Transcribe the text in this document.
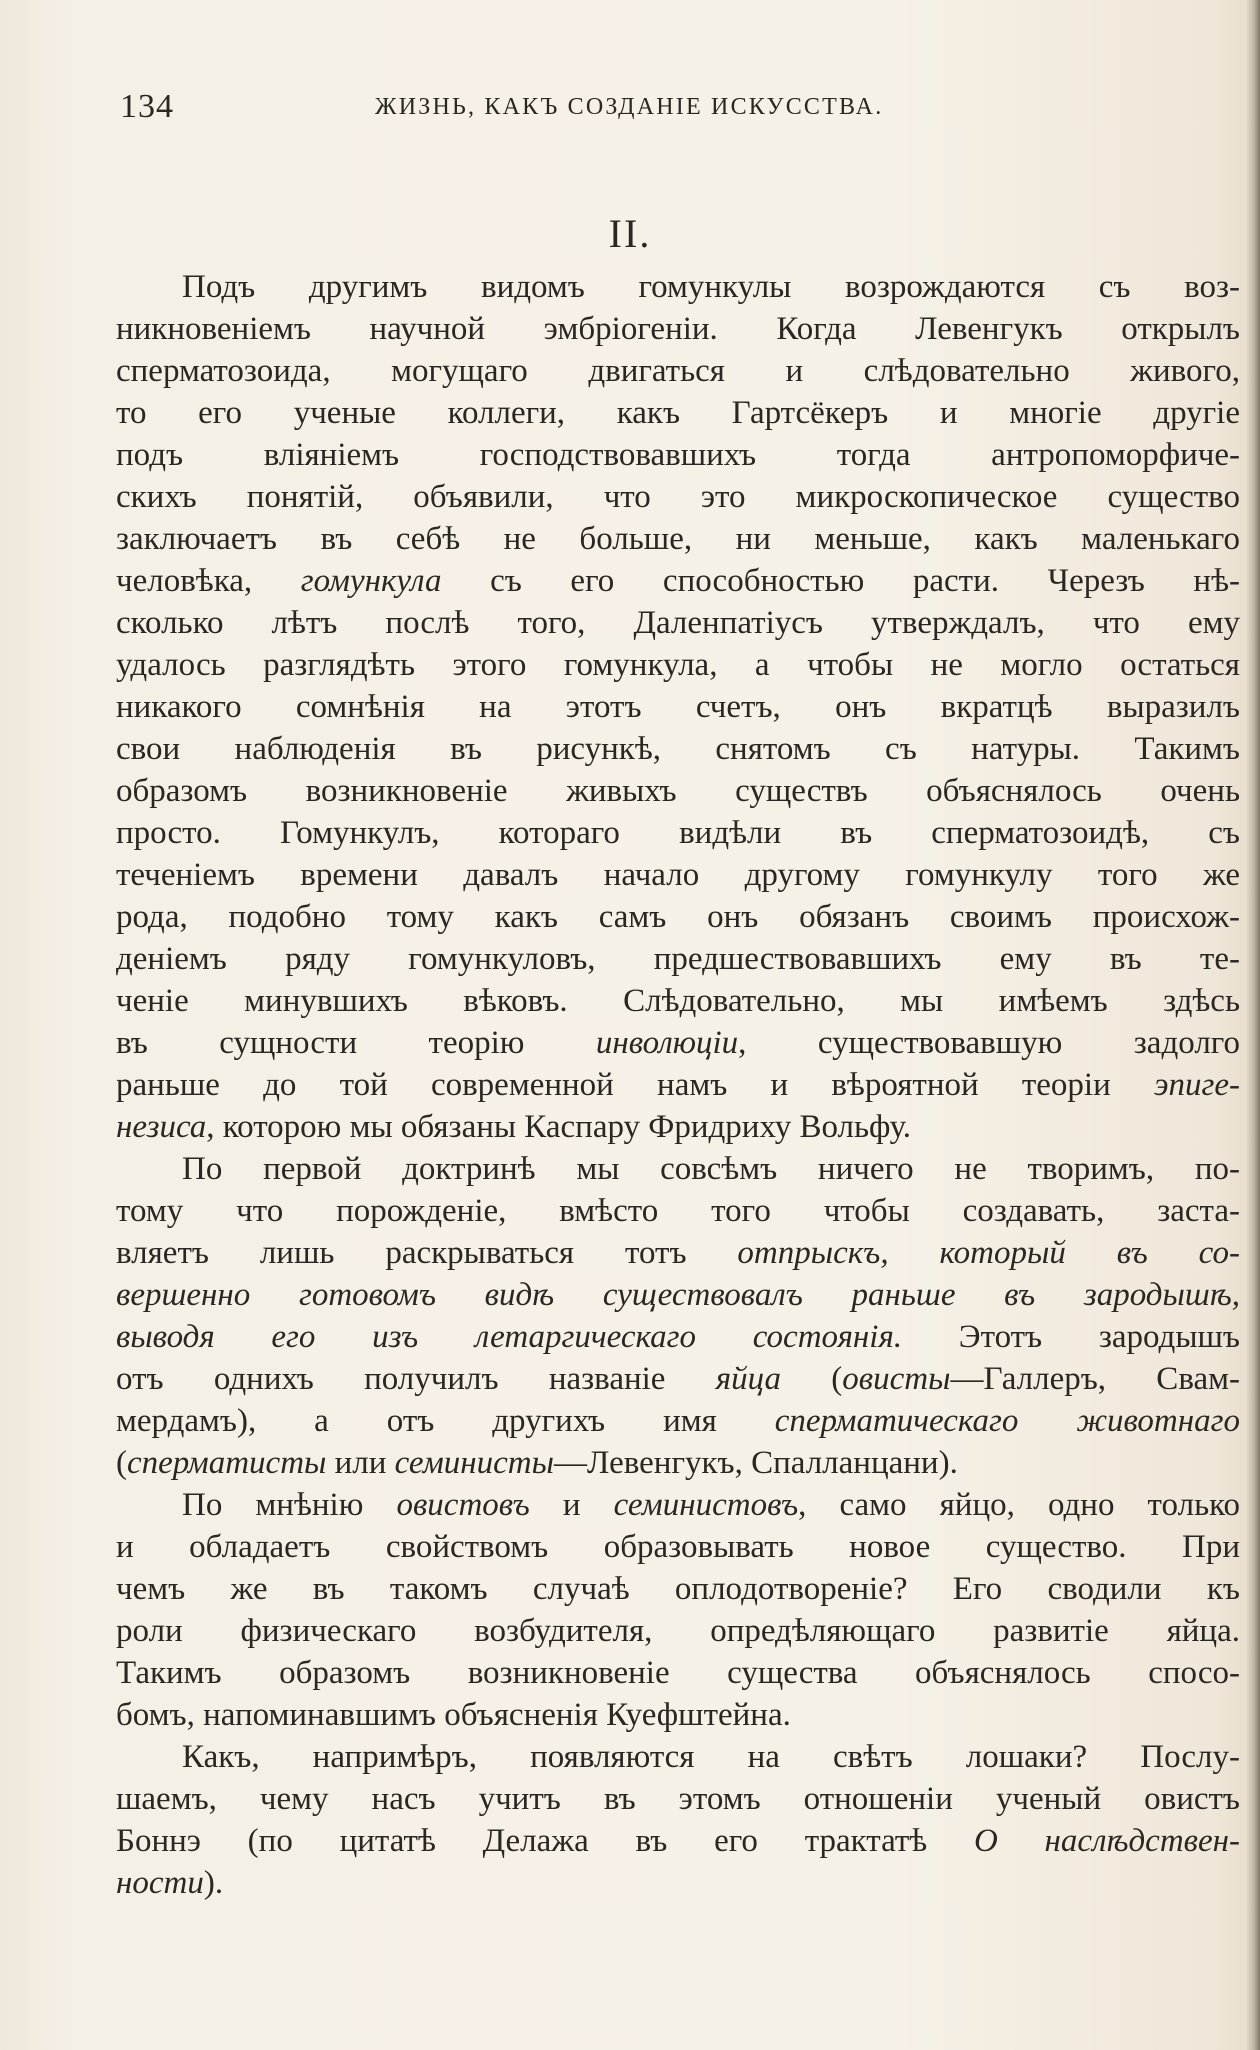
134	ЖИЗНЬ, КАКЪ СОЗДАНІЕ ИСКУССТВА.
II.
Подъ другимъ видомъ гомункулы возрождаются съ воз-
никновеніемъ научной эмбріогеніи. Когда Левенгукъ открылъ
сперматозоида, могущаго двигаться и слѣдовательно живого,
то его ученые коллеги, какъ Гартсёкеръ и многіе другіе
подъ вліяніемъ господствовавшихъ тогда антропоморфиче-
скихъ понятій, объявили, что это микроскопическое существо
заключаетъ въ себѣ не больше, ни меньше, какъ маленькаго
человѣка, гомункула съ его способностью расти. Черезъ нѣ-
сколько лѣтъ послѣ того, Даленпатіусъ утверждалъ, что ему
удалось разглядѣть этого гомункула, а чтобы не могло остаться
никакого сомнѣнія на этотъ счетъ, онъ вкратцѣ выразилъ
свои наблюденія въ рисункѣ, снятомъ съ натуры. Такимъ
образомъ возникновеніе живыхъ существъ объяснялось очень
просто. Гомункулъ, котораго видѣли въ сперматозоидѣ, съ
теченіемъ времени давалъ начало другому гомункулу того же
рода, подобно тому какъ самъ онъ обязанъ своимъ происхож-
деніемъ ряду гомункуловъ, предшествовавшихъ ему въ те-
ченіе минувшихъ вѣковъ. Слѣдовательно, мы имѣемъ здѣсь
въ сущности теорію инволюціи, существовавшую задолго
раньше до той современной намъ и вѣроятной теоріи эпиге-
незиса, которою мы обязаны Каспару Фридриху Вольфу.
По первой доктринѣ мы совсѣмъ ничего не творимъ, по-
тому что порожденіе, вмѣсто того чтобы создавать, заста-
вляетъ лишь раскрываться тотъ отпрыскъ, который въ со-
вершенно готовомъ видѣ существовалъ раньше въ зародышѣ,
выводя его изъ летаргическаго состоянія. Этотъ зародышъ
отъ однихъ получилъ названіе яйца (овисты—Галлеръ, Свам-
мердамъ), а отъ другихъ имя сперматическаго животнаго
(сперматисты или семинисты—Левенгукъ, Спалланцани).
По мнѣнію овистовъ и семинистовъ, само яйцо, одно только
и обладаетъ свойствомъ образовывать новое существо. При
чемъ же въ такомъ случаѣ оплодотвореніе? Его сводили къ
роли физическаго возбудителя, опредѣляющаго развитіе яйца.
Такимъ образомъ возникновеніе существа объяснялось спосо-
бомъ, напоминавшимъ объясненія Куефштейна.
Какъ, напримѣръ, появляются на свѣтъ лошаки? Послу-
шаемъ, чему насъ учитъ въ этомъ отношеніи ученый овистъ
Боннэ (по цитатѣ Делажа въ его трактатѣ О наслѣдствен-
ности).
